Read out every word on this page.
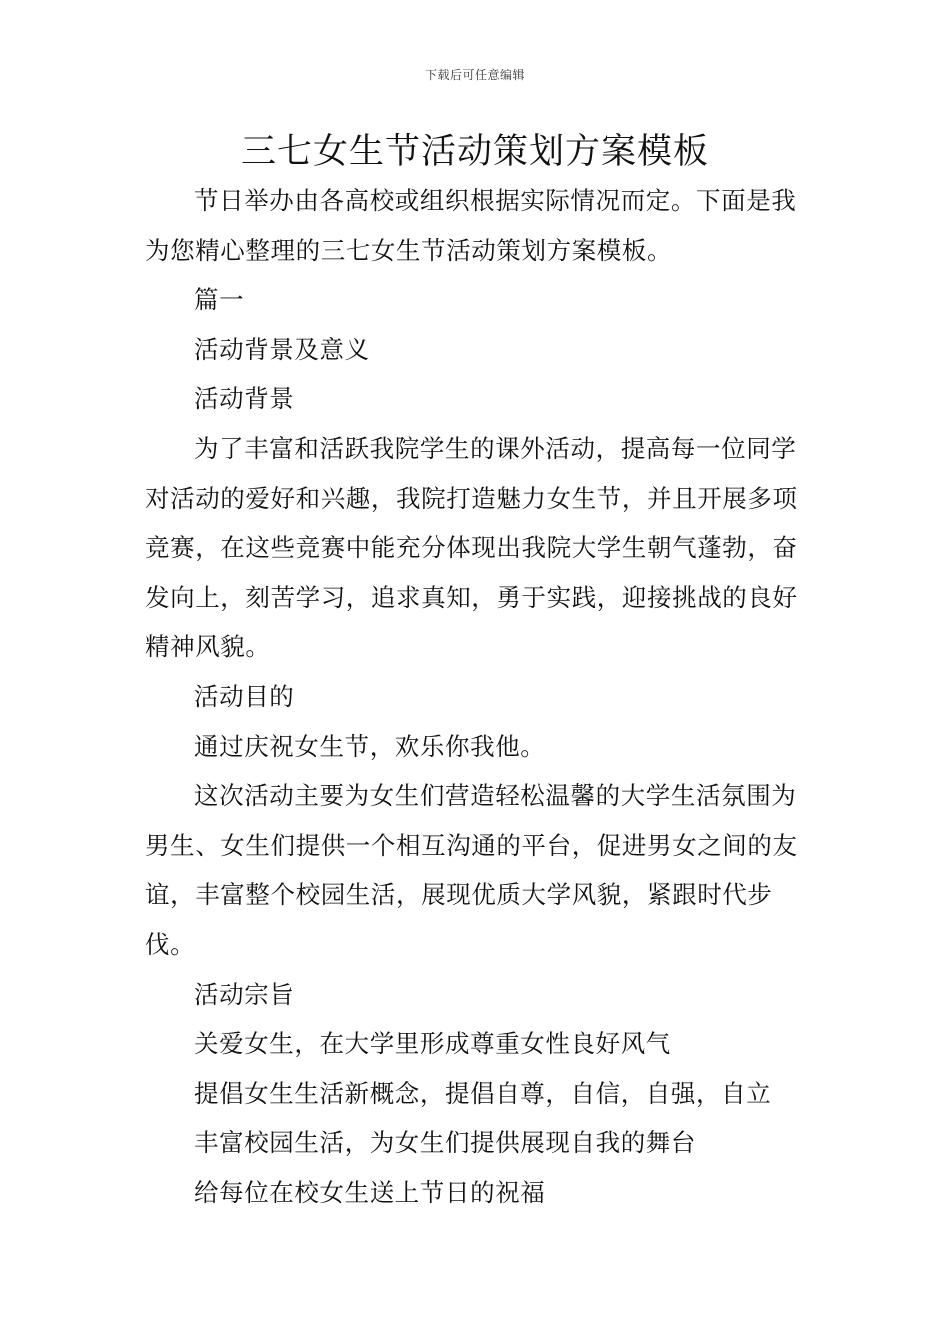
下载后可任意编辑
三七女生节活动策划方案模板

节日举办由各高校或组织根据实际情况而定。下面是我为您精心整理的三七女生节活动策划方案模板。

篇一

活动背景及意义

活动背景

为了丰富和活跃我院学生的课外活动，提高每一位同学对活动的爱好和兴趣，我院打造魅力女生节，并且开展多项竞赛，在这些竞赛中能充分体现出我院大学生朝气蓬勃，奋发向上，刻苦学习，追求真知，勇于实践，迎接挑战的良好精神风貌。

活动目的

通过庆祝女生节，欢乐你我他。

这次活动主要为女生们营造轻松温馨的大学生活氛围为男生、女生们提供一个相互沟通的平台，促进男女之间的友谊，丰富整个校园生活，展现优质大学风貌，紧跟时代步伐。

活动宗旨

关爱女生，在大学里形成尊重女性良好风气

提倡女生生活新概念，提倡自尊，自信，自强，自立

丰富校园生活，为女生们提供展现自我的舞台

给每位在校女生送上节日的祝福
